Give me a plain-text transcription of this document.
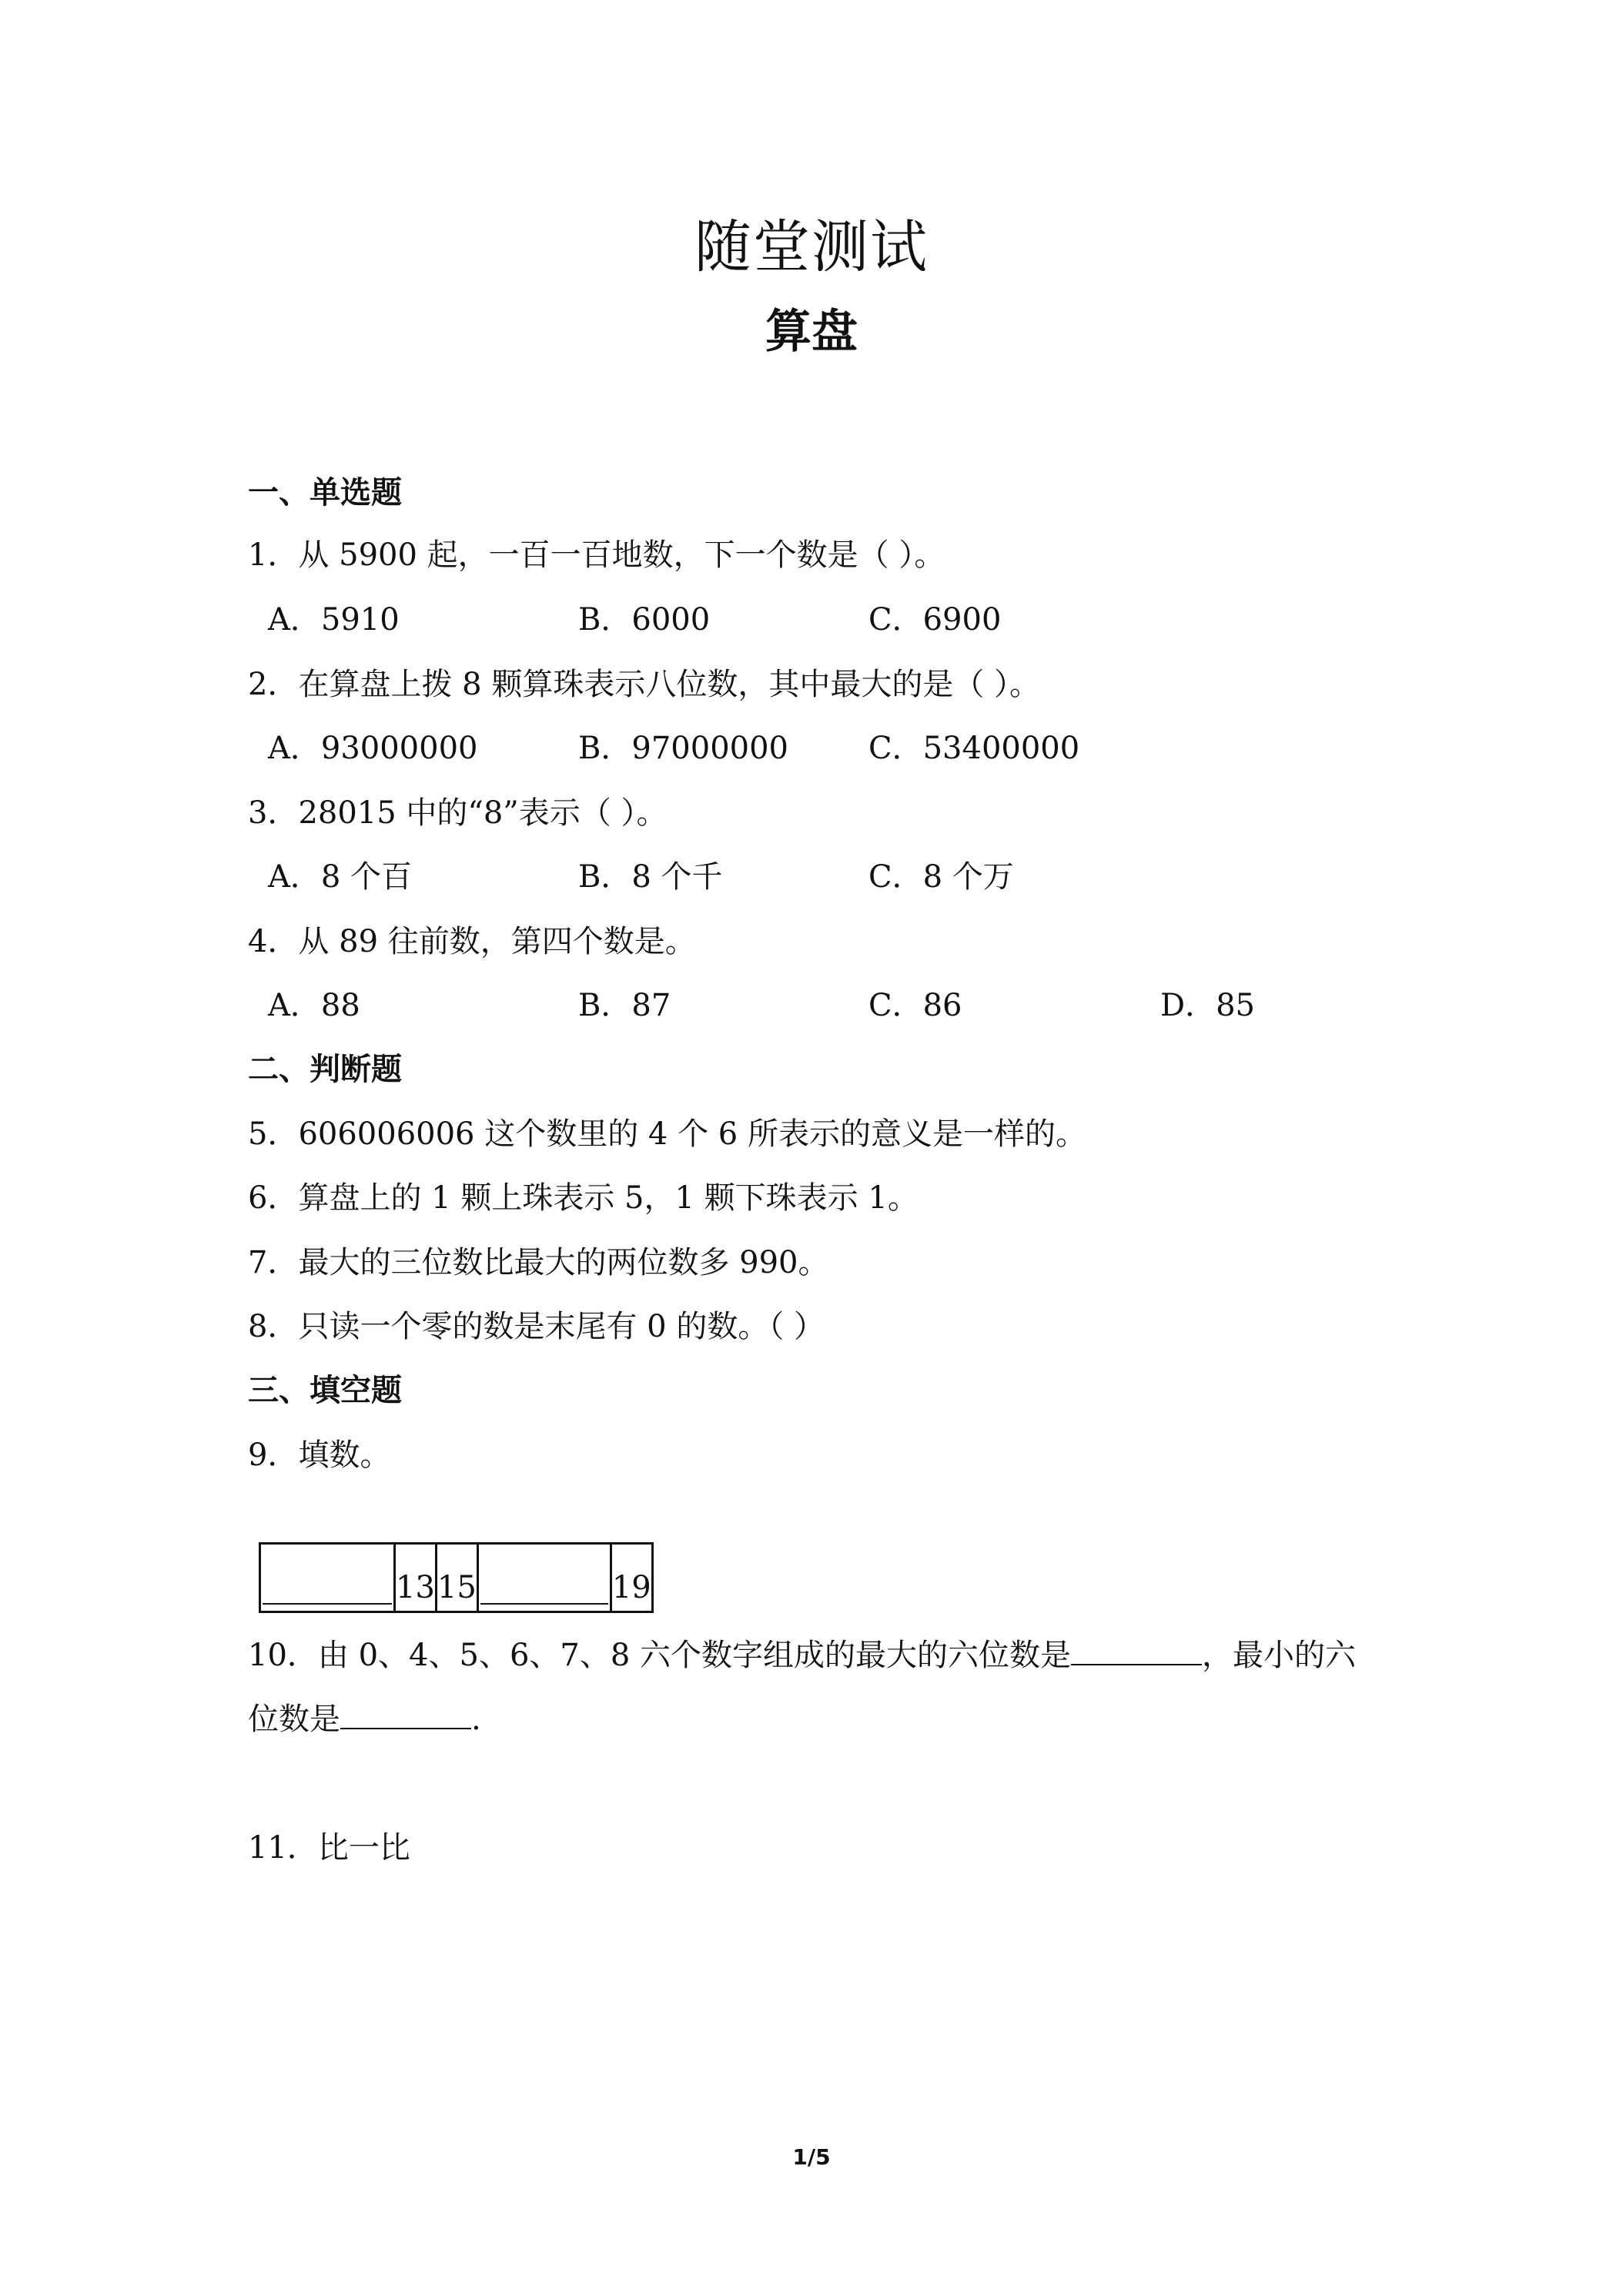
随堂测试
算盘
一、单选题
1．从 5900 起，一百一百地数，下一个数是（ ）。
A．5910	B．6000	C．6900
2．在算盘上拨 8 颗算珠表示八位数，其中最大的是（ ）。
A．93000000	B．97000000	C．53400000
3．28015 中的“8”表示（ ）。
A．8 个百	B．8 个千	C．8 个万
4．从 89 往前数，第四个数是。
A．88	B．87	C．86	D．85
二、判断题
5．606006006 这个数里的 4 个 6 所表示的意义是一样的。
6．算盘上的 1 颗上珠表示 5，1 颗下珠表示 1。
7．最大的三位数比最大的两位数多 990。
8．只读一个零的数是末尾有 0 的数。（ ）
三、填空题
9．填数。
	13	15		19
10．由 0、4、5、6、7、8 六个数字组成的最大的六位数是	，最小的六
位数是	.
11．比一比
1/5
